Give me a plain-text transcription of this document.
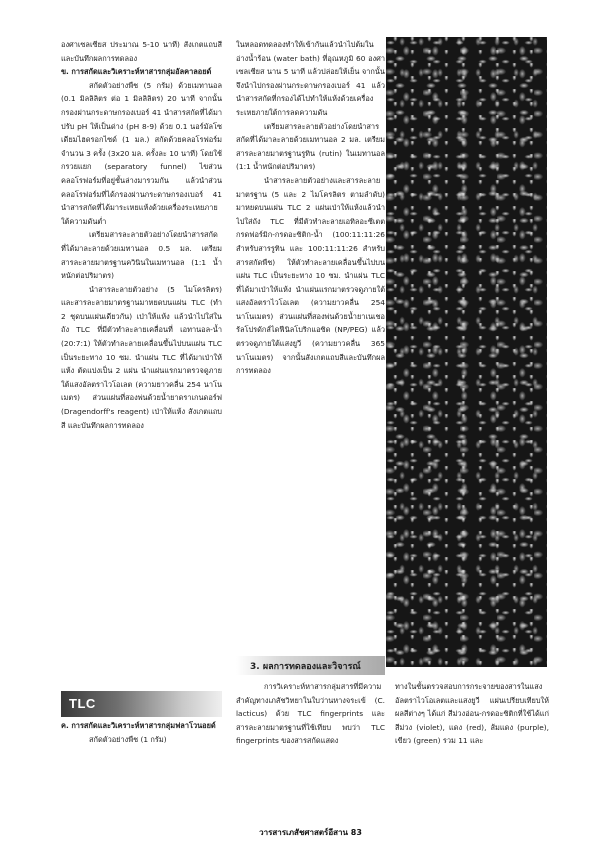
องศาเซลเซียส ประมาณ 5-10 นาที) สังเกตแถบสี และบันทึกผลการทดลอง

ข. การสกัดและวิเคราะห์หาสารกลุ่มอัลคาลอยด์

สกัดตัวอย่างพืช (5 กรัม) ด้วยเมทานอล (0.1 มิลลิลิตร ต่อ 1 มิลลิลิตร) 20 นาที จากนั้นกรองผ่านกระดาษกรองเบอร์ 41 นำสารสกัดที่ได้มาปรับ pH ให้เป็นด่าง (pH 8-9) ด้วย 0.1 นอร์มัลโซเดียมไฮดรอกไซด์ (1 มล.) สกัดด้วยคลอโรฟอร์มจำนวน 3 ครั้ง (3x20 มล. ครั้งละ 10 นาที) โดยใช้กรวยแยก (separatory funnel) ไขส่วนคลอโรฟอร์มที่อยู่ชั้นล่างมารวมกัน แล้วนำส่วนคลอโรฟอร์มที่ได้กรองผ่านกระดาษกรองเบอร์ 41 นำสารสกัดที่ได้มาระเหยแห้งด้วยเครื่องระเหยภายใต้ความดันต่ำ

เตรียมสารละลายตัวอย่างโดยนำสารสกัดที่ได้มาละลายด้วยเมทานอล 0.5 มล. เตรียมสารละลายมาตรฐานควินินในเมทานอล (1:1 น้ำหนักต่อปริมาตร)

นำสารละลายตัวอย่าง (5 ไมโครลิตร) และสารละลายมาตรฐานมาหยดบนแผ่น TLC (ทำ 2 ชุดบนแผ่นเดียวกัน) เป่าให้แห้ง แล้วนำไปใส่ในถัง TLC ที่มีตัวทำละลายเคลื่อนที่ เอทานอล-น้ำ (20:7:1) ให้ตัวทำละลายเคลื่อนขึ้นไปบนแผ่น TLC เป็นระยะทาง 10 ซม. นำแผ่น TLC ที่ได้มาเป่าให้แห้ง ตัดแบ่งเป็น 2 แผ่น นำแผ่นแรกมาตรวจดูภายใต้แสงอัลตราไวโอเลต (ความยาวคลื่น 254 นาโนเมตร) ส่วนแผ่นที่สองพ่นด้วยน้ำยาดราเกนดอร์ฟ (Dragendorff's reagent) เป่าให้แห้ง สังเกตแถบสี และบันทึกผลการทดลอง

TLC

ค. การสกัดและวิเคราะห์หาสารกลุ่มฟลาโวนอยด์

สกัดตัวอย่างพืช (1 กรัม)

ในหลอดทดลองทำให้เข้ากันแล้วนำไปต้มในอ่างน้ำร้อน (water bath) ที่อุณหภูมิ 60 องศาเซลเซียส นาน 5 นาที แล้วปล่อยให้เย็น จากนั้นจึงนำไปกรองผ่านกระดาษกรองเบอร์ 41 แล้วนำสารสกัดที่กรองได้ไปทำให้แห้งด้วยเครื่องระเหยภายใต้การลดความดัน

เตรียมสารละลายตัวอย่างโดยนำสารสกัดที่ได้มาละลายด้วยเมทานอล 2 มล. เตรียมสารละลายมาตรฐานรูทิน (rutin) ในเมทานอล (1:1 น้ำหนักต่อปริมาตร)

นำสารละลายตัวอย่างและสารละลายมาตรฐาน (5 และ 2 ไมโครลิตร ตามลำดับ) มาหยดบนแผ่น TLC 2 แผ่นเป่าให้แห้งแล้วนำไปใส่ถัง TLC ที่มีตัวทำละลายเอทิลอะซีเตต กรดฟอร์มิก-กรดอะซิติก-น้ำ (100:11:11:26 สำหรับสารรูทิน และ 100:11:11:26 สำหรับสารสกัดพืช) ให้ตัวทำละลายเคลื่อนขึ้นไปบนแผ่น TLC เป็นระยะทาง 10 ซม. นำแผ่น TLC ที่ได้มาเป่าให้แห้ง นำแผ่นแรกมาตรวจดูภายใต้แสงอัลตราไวโอเลต (ความยาวคลื่น 254 นาโนเมตร) ส่วนแผ่นที่สองพ่นด้วยน้ำยาเนเชอรัลโปรดักส์ไดฟีนิลโบริกแอซิด (NP/PEG) แล้วตรวจดูภายใต้แสงยูวี (ความยาวคลื่น 365 นาโนเมตร) จากนั้นสังเกตแถบสีและบันทึกผลการทดลอง

3. ผลการทดลองและวิจารณ์

การวิเคราะห์หาสารกลุ่มสารที่มีความสำคัญทางเภสัชวิทยาในใบว่านหางจระเข้ (C. lacticus) ด้วย TLC fingerprints และสารละลายมาตรฐานที่ใช้เทียบ พบว่า TLC fingerprints ของสารสกัดแสดง

ทางในชั้นตรวจสอบการกระจายของสารในแสงอัลตราไวโอเลตและแสงยูวี แผ่นเปรียบเทียบให้ผลสีต่างๆ ได้แก่ สีม่วงอ่อน-กรดอะซิติกที่ใช้ได้แก่ สีม่วง (violet), แดง (red), ส้มแดง (purple), เขียว (green) รวม 11 และ

วารสารเภสัชศาสตร์อีสาน 83
